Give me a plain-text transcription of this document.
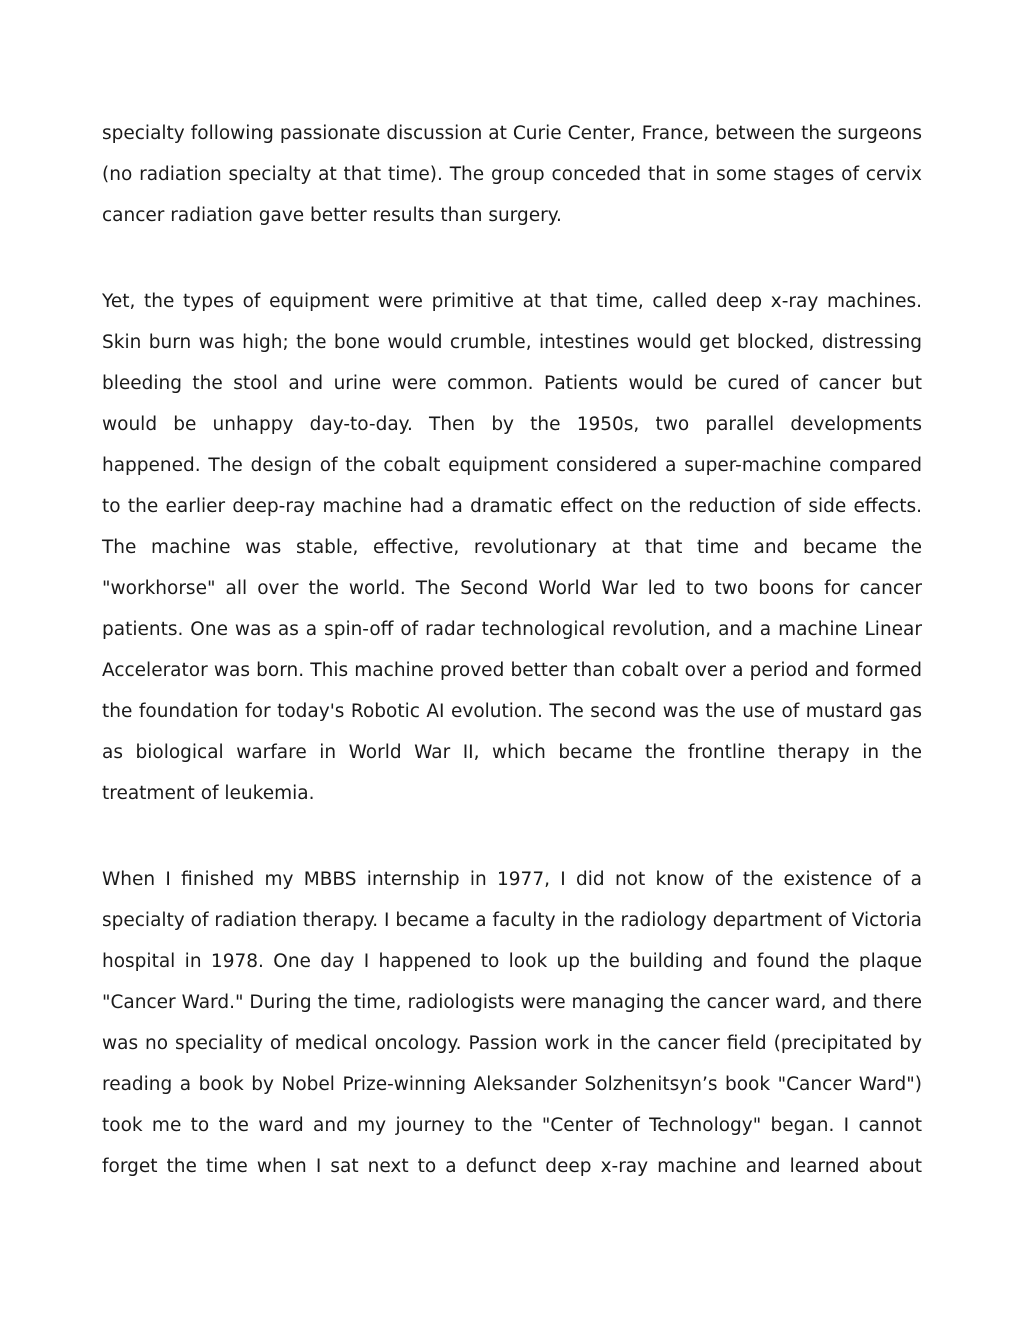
specialty following passionate discussion at Curie Center, France, between the surgeons (no radiation specialty at that time). The group conceded that in some stages of cervix cancer radiation gave better results than surgery.

Yet, the types of equipment were primitive at that time, called deep x-ray machines. Skin burn was high; the bone would crumble, intestines would get blocked, distressing bleeding the stool and urine were common. Patients would be cured of cancer but would be unhappy day-to-day. Then by the 1950s, two parallel developments happened. The design of the cobalt equipment considered a super-machine compared to the earlier deep-ray machine had a dramatic effect on the reduction of side effects. The machine was stable, effective, revolutionary at that time and became the "workhorse" all over the world. The Second World War led to two boons for cancer patients. One was as a spin-off of radar technological revolution, and a machine Linear Accelerator was born. This machine proved better than cobalt over a period and formed the foundation for today's Robotic AI evolution. The second was the use of mustard gas as biological warfare in World War II, which became the frontline therapy in the treatment of leukemia.

When I finished my MBBS internship in 1977, I did not know of the existence of a specialty of radiation therapy. I became a faculty in the radiology department of Victoria hospital in 1978. One day I happened to look up the building and found the plaque "Cancer Ward." During the time, radiologists were managing the cancer ward, and there was no speciality of medical oncology. Passion work in the cancer field (precipitated by reading a book by Nobel Prize-winning Aleksander Solzhenitsyn’s book "Cancer Ward") took me to the ward and my journey to the "Center of Technology" began. I cannot forget the time when I sat next to a defunct deep x-ray machine and learned about
